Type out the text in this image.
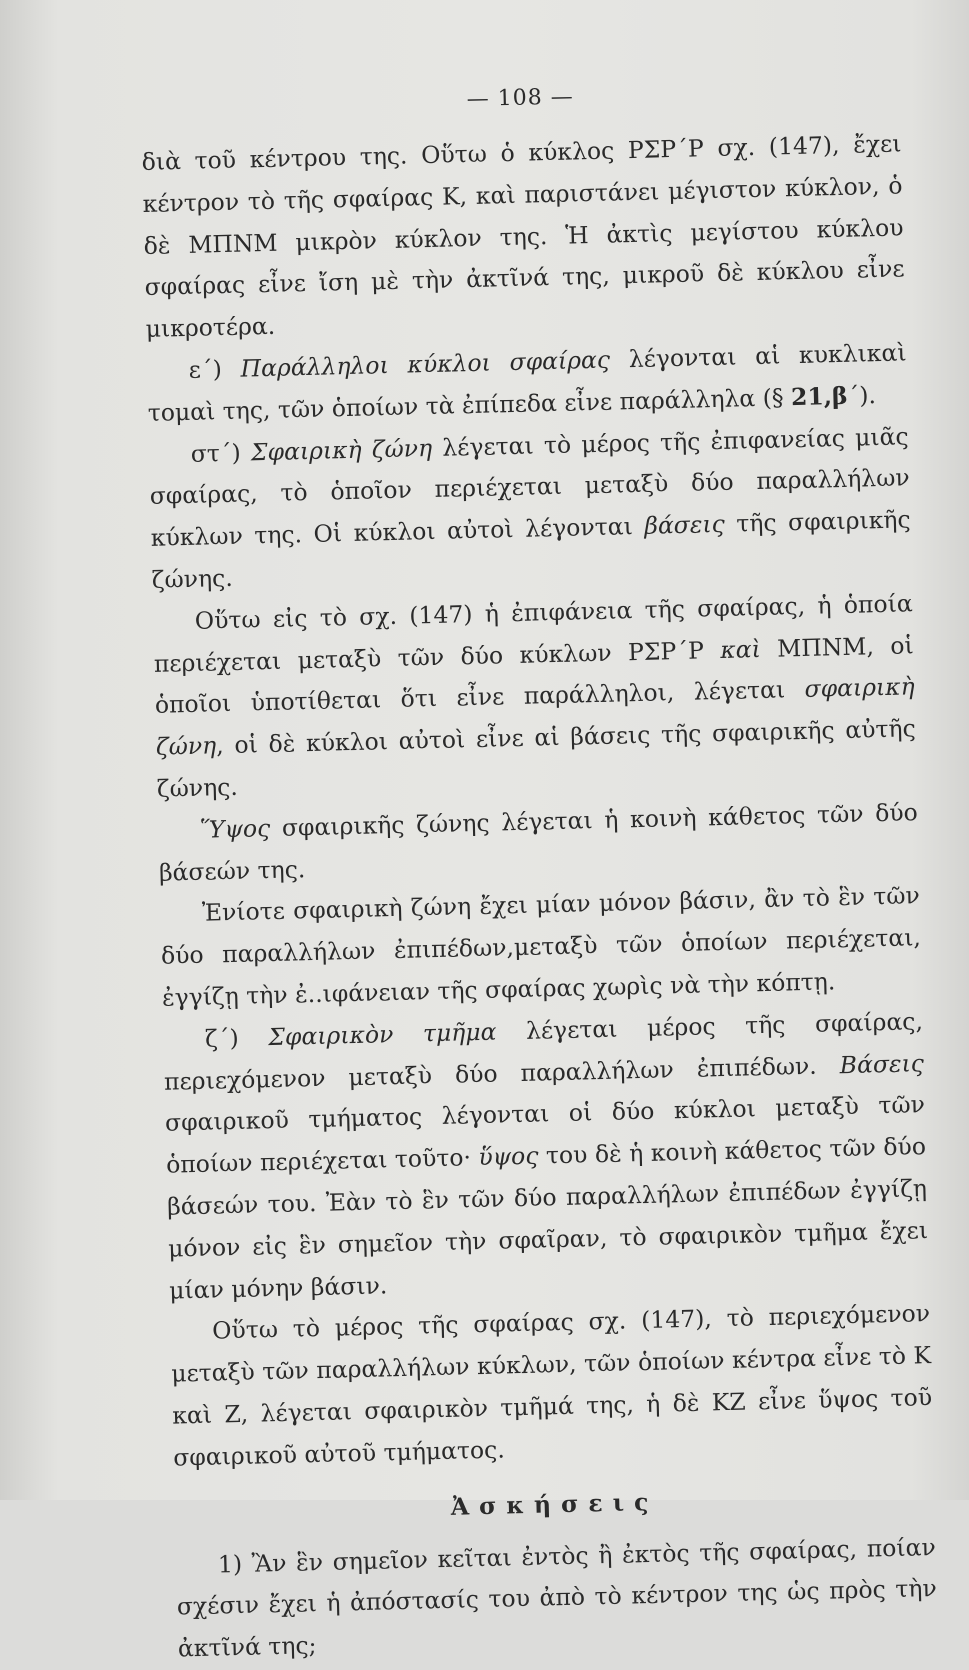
— 108 —
διὰ τοῦ κέντρου της. Οὕτω ὁ κύκλος ΡΣΡ΄Ρ σχ. (147), ἔχει κέντρον τὸ τῆς σφαίρας Κ, καὶ παριστάνει μέγιστον κύκλον, ὁ δὲ ΜΠΝΜ μικρὸν κύκλον της. Ἡ ἀκτὶς μεγίστου κύκλου σφαίρας εἶνε ἴση μὲ τὴν ἀκτῖνά της, μικροῦ δὲ κύκλου εἶνε μικροτέρα.
ε΄) Παράλληλοι κύκλοι σφαίρας λέγονται αἱ κυκλικαὶ τομαὶ της, τῶν ὁποίων τὰ ἐπίπεδα εἶνε παράλληλα (§ 21,β΄).
στ΄) Σφαιρικὴ ζώνη λέγεται τὸ μέρος τῆς ἐπιφανείας μιᾶς σφαίρας, τὸ ὁποῖον περιέχεται μεταξὺ δύο παραλλήλων κύκλων της. Οἱ κύκλοι αὐτοὶ λέγονται βάσεις τῆς σφαιρικῆς ζώνης.
Οὕτω εἰς τὸ σχ. (147) ἡ ἐπιφάνεια τῆς σφαίρας, ἡ ὁποία περιέχεται μεταξὺ τῶν δύο κύκλων ΡΣΡ΄Ρ καὶ ΜΠΝΜ, οἱ ὁποῖοι ὑποτίθεται ὅτι εἶνε παράλληλοι, λέγεται σφαιρικὴ ζώνη, οἱ δὲ κύκλοι αὐτοὶ εἶνε αἱ βάσεις τῆς σφαιρικῆς αὐτῆς ζώνης.
Ὕψος σφαιρικῆς ζώνης λέγεται ἡ κοινὴ κάθετος τῶν δύο βάσεών της.
Ἐνίοτε σφαιρικὴ ζώνη ἔχει μίαν μόνον βάσιν, ἂν τὸ ἓν τῶν δύο παραλλήλων ἐπιπέδων,μεταξὺ τῶν ὁποίων περιέχεται, ἐγγίζῃ τὴν ἐ..ιφάνειαν τῆς σφαίρας χωρὶς νὰ τὴν κόπτῃ.
ζ΄) Σφαιρικὸν τμῆμα λέγεται μέρος τῆς σφαίρας, περιεχόμενον μεταξὺ δύο παραλλήλων ἐπιπέδων. Βάσεις σφαιρικοῦ τμήματος λέγονται οἱ δύο κύκλοι μεταξὺ τῶν ὁποίων περιέχεται τοῦτο· ὕψος του δὲ ἡ κοινὴ κάθετος τῶν δύο βάσεών του. Ἐὰν τὸ ἓν τῶν δύο παραλλήλων ἐπιπέδων ἐγγίζῃ μόνον εἰς ἓν σημεῖον τὴν σφαῖραν, τὸ σφαιρικὸν τμῆμα ἔχει μίαν μόνην βάσιν.
Οὕτω τὸ μέρος τῆς σφαίρας σχ. (147), τὸ περιεχόμενον μεταξὺ τῶν παραλλήλων κύκλων, τῶν ὁποίων κέντρα εἶνε τὸ Κ καὶ Ζ, λέγεται σφαιρικὸν τμῆμά της, ἡ δὲ ΚΖ εἶνε ὕψος τοῦ σφαιρικοῦ αὐτοῦ τμήματος.
Ἀσκήσεις
1) Ἂν ἓν σημεῖον κεῖται ἐντὸς ἢ ἐκτὸς τῆς σφαίρας, ποίαν σχέσιν ἔχει ἡ ἀπόστασίς του ἀπὸ τὸ κέντρον της ὡς πρὸς τὴν ἀκτῖνά της;
